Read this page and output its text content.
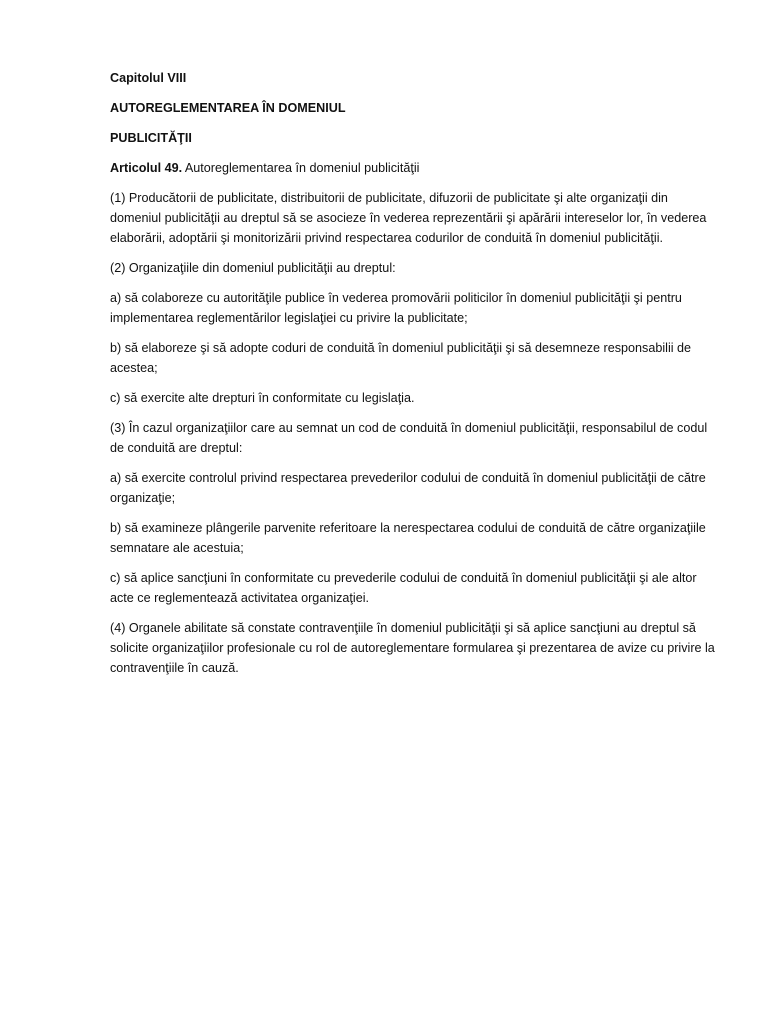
Capitolul VIII

AUTOREGLEMENTAREA ÎN DOMENIUL

PUBLICITĂŢII

Articolul 49. Autoreglementarea în domeniul publicităţii

(1) Producătorii de publicitate, distribuitorii de publicitate, difuzorii de publicitate şi alte organizaţii din domeniul publicităţii au dreptul să se asocieze în vederea reprezentării şi apărării intereselor lor, în vederea elaborării, adoptării şi monitorizării privind respectarea codurilor de conduită în domeniul publicităţii.

(2) Organizaţiile din domeniul publicităţii au dreptul:

a) să colaboreze cu autorităţile publice în vederea promovării politicilor în domeniul publicităţii şi pentru implementarea reglementărilor legislaţiei cu privire la publicitate;

b) să elaboreze şi să adopte coduri de conduită în domeniul publicităţii şi să desemneze responsabilii de acestea;

c) să exercite alte drepturi în conformitate cu legislaţia.

(3) În cazul organizaţiilor care au semnat un cod de conduită în domeniul publicităţii, responsabilul de codul de conduită are dreptul:

a) să exercite controlul privind respectarea prevederilor codului de conduită în domeniul publicităţii de către organizaţie;

b) să examineze plângerile parvenite referitoare la nerespectarea codului de conduită de către organizaţiile semnatare ale acestuia;

c) să aplice sancţiuni în conformitate cu prevederile codului de conduită în domeniul publicităţii şi ale altor acte ce reglementează activitatea organizaţiei.

(4) Organele abilitate să constate contravenţiile în domeniul publicităţii şi să aplice sancţiuni au dreptul să solicite organizaţiilor profesionale cu rol de autoreglementare formularea şi prezentarea de avize cu privire la contravenţiile în cauză.
